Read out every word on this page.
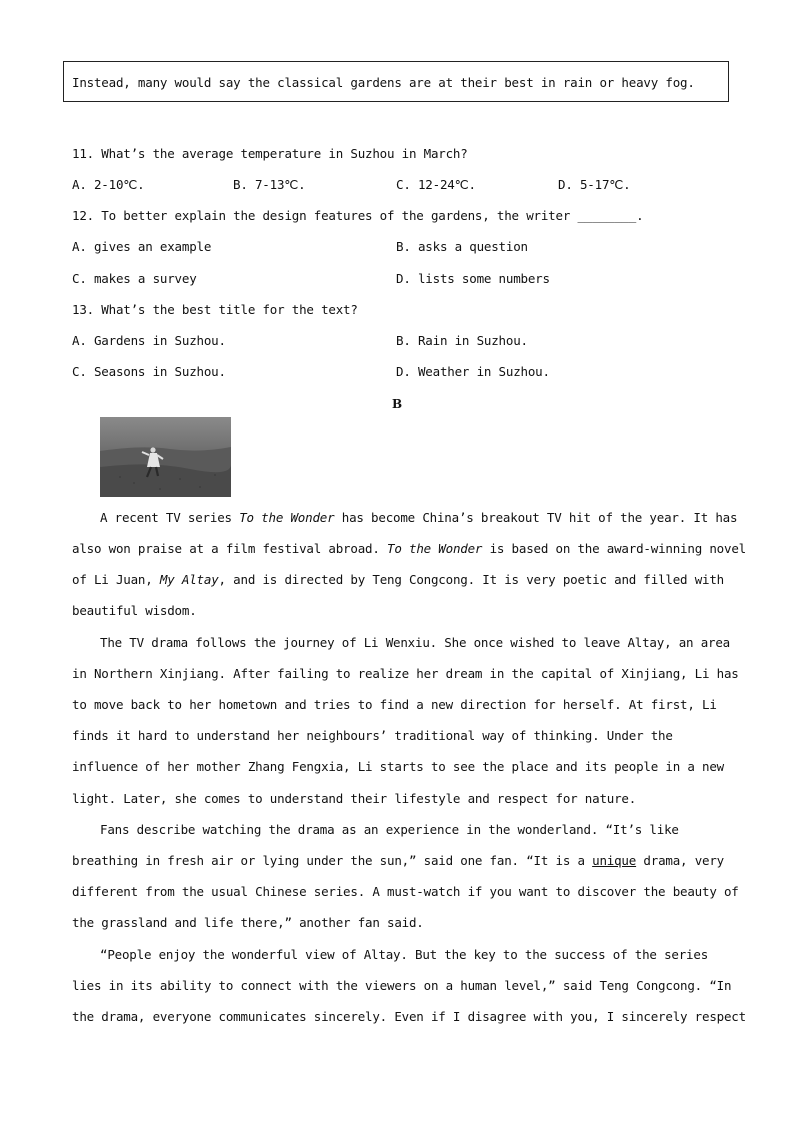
Instead, many would say the classical gardens are at their best in rain or heavy fog.
11. What’s the average temperature in Suzhou in March?
A. 2-10℃.	B. 7-13℃.	C. 12-24℃.	D. 5-17℃.
12. To better explain the design features of the gardens, the writer ________.
A. gives an example	B. asks a question
C. makes a survey	D. lists some numbers
13. What’s the best title for the text?
A. Gardens in Suzhou.	B. Rain in Suzhou.
C. Seasons in Suzhou.	D. Weather in Suzhou.
B
A recent TV series To the Wonder has become China’s breakout TV hit of the year. It has
also won praise at a film festival abroad. To the Wonder is based on the award-winning novel
of Li Juan, My Altay, and is directed by Teng Congcong. It is very poetic and filled with
beautiful wisdom.
The TV drama follows the journey of Li Wenxiu. She once wished to leave Altay, an area
in Northern Xinjiang. After failing to realize her dream in the capital of Xinjiang, Li has
to move back to her hometown and tries to find a new direction for herself. At first, Li
finds it hard to understand her neighbours’ traditional way of thinking. Under the
influence of her mother Zhang Fengxia, Li starts to see the place and its people in a new
light. Later, she comes to understand their lifestyle and respect for nature.
Fans describe watching the drama as an experience in the wonderland. “It’s like
breathing in fresh air or lying under the sun,” said one fan. “It is a unique drama, very
different from the usual Chinese series. A must-watch if you want to discover the beauty of
the grassland and life there,” another fan said.
“People enjoy the wonderful view of Altay. But the key to the success of the series
lies in its ability to connect with the viewers on a human level,” said Teng Congcong. “In
the drama, everyone communicates sincerely. Even if I disagree with you, I sincerely respect
